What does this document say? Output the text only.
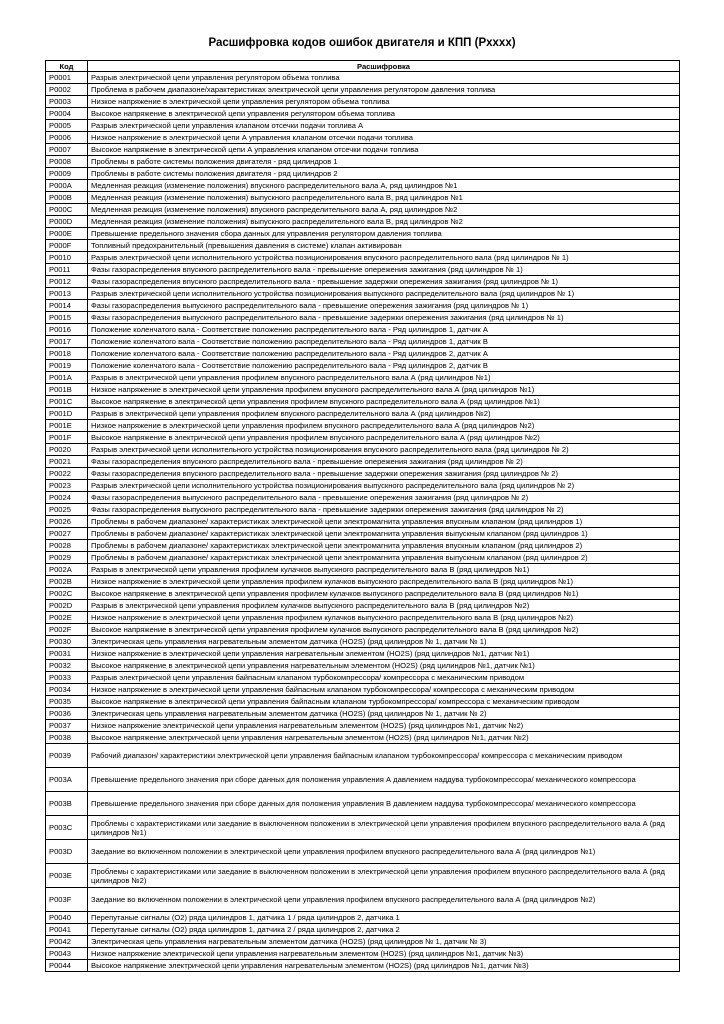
Расшифровка кодов ошибок двигателя и КПП (Pxxxx)
Код	Расшифровка
P0001	Разрыв электрической цепи управления регулятором объема топлива
P0002	Проблема в рабочем диапазоне/характеристиках электрической цепи управления регулятором давления топлива
P0003	Низкое напряжение в электрической цепи управления регулятором объема топлива
P0004	Высокое напряжение в электрической цепи управления регулятором объема топлива
P0005	Разрыв электрической цепи управления клапаном отсечки подачи топлива А
P0006	Низкое напряжение в электрической цепи А управления клапаном отсечки подачи топлива
P0007	Высокое напряжение в электрической цепи А управления клапаном отсечки подачи топлива
P0008	Проблемы в работе системы положения двигателя - ряд цилиндров 1
P0009	Проблемы в работе системы положения двигателя - ряд цилиндров 2
P000A	Медленная реакция (изменение положения) впускного распределительного вала А, ряд цилиндров №1
P000B	Медленная реакция (изменение положения) выпускного распределительного вала В, ряд цилиндров №1
P000C	Медленная реакция (изменение положения) впускного распределительного вала А, ряд цилиндров №2
P000D	Медленная реакция (изменение положения) выпускного распределительного вала В, ряд цилиндров №2
P000E	Превышение предельного значения сбора данных для управления регулятором давления топлива
P000F	Топливный предохранительный (превышения давления в системе) клапан активирован
P0010	Разрыв электрической цепи исполнительного устройства позиционирования впускного распределительного вала (ряд цилиндров № 1)
P0011	Фазы газораспределения впускного распределительного вала - превышение опережения зажигания (ряд цилиндров № 1)
P0012	Фазы газораспределения впускного распределительного вала - превышение задержки опережения зажигания (ряд цилиндров № 1)
P0013	Разрыв электрической цепи исполнительного устройства позиционирования выпускного распределительного вала (ряд цилиндров № 1)
P0014	Фазы газораспределения выпускного распределительного вала - превышение опережения зажигания (ряд цилиндров № 1)
P0015	Фазы газораспределения выпускного распределительного вала - превышение задержки опережения зажигания (ряд цилиндров № 1)
P0016	Положение коленчатого вала - Соответствие положению распределительного вала - Ряд цилиндров 1, датчик A
P0017	Положение коленчатого вала - Соответствие положению распределительного вала - Ряд цилиндров 1, датчик B
P0018	Положение коленчатого вала - Соответствие положению распределительного вала - Ряд цилиндров 2, датчик A
P0019	Положение коленчатого вала - Соответствие положению распределительного вала - Ряд цилиндров 2, датчик B
P001A	Разрыв в электрической цепи управления профилем впускного распределительного вала А (ряд цилиндров №1)
P001B	Низкое напряжение в электрической цепи управления профилем впускного распределительного вала А (ряд цилиндров №1)
P001C	Высокое напряжение в электрической цепи управления профилем впускного распределительного вала А (ряд цилиндров №1)
P001D	Разрыв в электрической цепи управления профилем впускного распределительного вала А (ряд цилиндров №2)
P001E	Низкое напряжение в электрической цепи управления профилем впускного распределительного вала А (ряд цилиндров №2)
P001F	Высокое напряжение в электрической цепи управления профилем впускного распределительного вала А (ряд цилиндров №2)
P0020	Разрыв электрической цепи исполнительного устройства позиционирования впускного распределительного вала (ряд цилиндров № 2)
P0021	Фазы газораспределения впускного распределительного вала - превышение опережения зажигания (ряд цилиндров № 2)
P0022	Фазы газораспределения впускного распределительного вала - превышение задержки опережения зажигания (ряд цилиндров № 2)
P0023	Разрыв электрической цепи исполнительного устройства позиционирования выпускного распределительного вала (ряд цилиндров № 2)
P0024	Фазы газораспределения выпускного распределительного вала - превышение опережения зажигания (ряд цилиндров № 2)
P0025	Фазы газораспределения выпускного распределительного вала - превышение задержки опережения зажигания (ряд цилиндров № 2)
P0026	Проблемы в рабочем диапазоне/ характеристиках электрической цепи электромагнита управления впускным клапаном (ряд цилиндров 1)
P0027	Проблемы в рабочем диапазоне/ характеристиках электрической цепи электромагнита управления выпускным клапаном (ряд цилиндров 1)
P0028	Проблемы в рабочем диапазоне/ характеристиках электрической цепи электромагнита управления впускным клапаном (ряд цилиндров 2)
P0029	Проблемы в рабочем диапазоне/ характеристиках электрической цепи электромагнита управления выпускным клапаном (ряд цилиндров 2)
P002A	Разрыв в электрической цепи управления профилем кулачков выпускного распределительного вала В (ряд цилиндров №1)
P002B	Низкое напряжение в электрической цепи управления профилем кулачков выпускного распределительного вала В (ряд цилиндров №1)
P002C	Высокое напряжение в электрической цепи управления профилем кулачков выпускного распределительного вала В (ряд цилиндров №1)
P002D	Разрыв в электрической цепи управления профилем кулачков выпускного распределительного вала В (ряд цилиндров №2)
P002E	Низкое напряжение в электрической цепи управления профилем кулачков выпускного распределительного вала В (ряд цилиндров №2)
P002F	Высокое напряжение в электрической цепи управления профилем кулачков выпускного распределительного вала В (ряд цилиндров №2)
P0030	Электрическая цепь управления нагревательным элементом датчика (HO2S) (ряд цилиндров № 1, датчик № 1)
P0031	Низкое напряжение в электрической цепи управления нагревательным элементом (HO2S) (ряд цилиндров №1, датчик №1)
P0032	Высокое напряжение в электрической цепи управления нагревательным элементом (HO2S) (ряд цилиндров №1, датчик №1)
P0033	Разрыв электрической цепи управления байпасным клапаном турбокомпрессора/ компрессора с механическим приводом
P0034	Низкое напряжение в электрической цепи управления байпасным клапаном турбокомпрессора/ компрессора с механическим приводом
P0035	Высокое напряжение в электрической цепи управления байпасным клапаном турбокомпрессора/ компрессора с механическим приводом
P0036	Электрическая цепь управления нагревательным элементом датчика (HO2S) (ряд цилиндров № 1, датчик № 2)
P0037	Низкое напряжение электрической цепи управления нагревательным элементом (HO2S) (ряд цилиндров №1, датчик №2)
P0038	Высокое напряжение электрической цепи управления нагревательным элементом (HO2S) (ряд цилиндров №1, датчик №2)
P0039	Рабочий диапазон/ характеристики электрической цепи управления байпасным клапаном турбокомпрессора/ компрессора с механическим приводом
P003A	Превышение предельного значения при сборе данных для положения управления А давлением наддува турбокомпрессора/ механического компрессора
P003B	Превышение предельного значения при сборе данных для положения управления В давлением наддува турбокомпрессора/ механического компрессора
P003C	Проблемы с характеристиками или заедание в выключенном положении в электрической цепи управления профилем впускного распределительного вала А (ряд цилиндров №1)
P003D	Заедание во включенном положении в электрической цепи управления профилем впускного распределительного вала А (ряд цилиндров №1)
P003E	Проблемы с характеристиками или заедание в выключенном положении в электрической цепи управления профилем впускного распределительного вала А (ряд цилиндров №2)
P003F	Заедание во включенном положении в электрической цепи управления профилем впускного распределительного вала А (ряд цилиндров №2)
P0040	Перепутаные сигналы (O2) ряда цилиндров 1, датчика 1 / ряда цилиндров 2, датчика 1
P0041	Перепутаные сигналы (O2) ряда цилиндров 1, датчика 2 / ряда цилиндров 2, датчика 2
P0042	Электрическая цепь управления нагревательным элементом датчика (HO2S) (ряд цилиндров № 1, датчик № 3)
P0043	Низкое напряжение электрической цепи управления нагревательным элементом (HO2S) (ряд цилиндров №1, датчик №3)
P0044	Высокое напряжение электрической цепи управления нагревательным элементом (HO2S) (ряд цилиндров №1, датчик №3)
